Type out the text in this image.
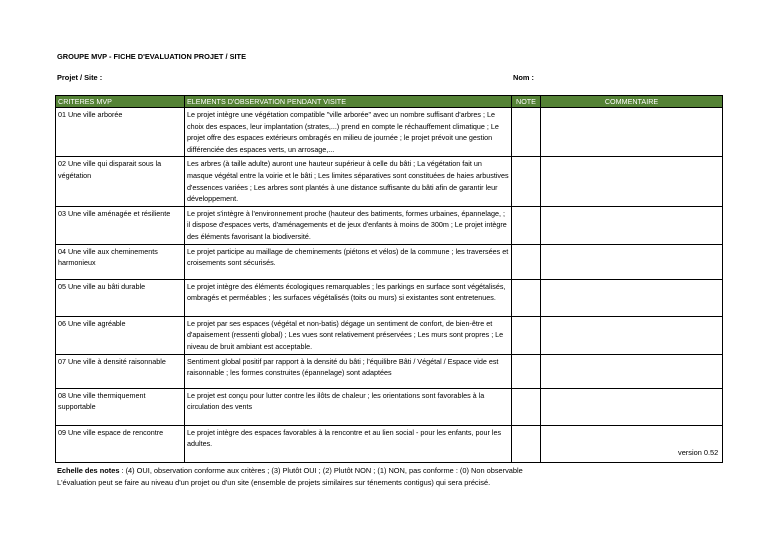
GROUPE MVP - FICHE D'EVALUATION PROJET / SITE
Projet / Site :	Nom :
CRITERES MVP	ELEMENTS D'OBSERVATION PENDANT VISITE	NOTE	COMMENTAIRE
01 Une ville arborée	Le projet intègre une végétation compatible "ville arborée" avec un nombre suffisant d'arbres ; Le choix des espaces, leur implantation (strates,...) prend en compte le réchauffement climatique ; Le projet offre des espaces extérieurs ombragés en milieu de journée ; le projet prévoit une gestion différenciée des espaces verts, un arrosage,...		
02 Une ville qui disparait sous la végétation	Les arbres (à taille adulte) auront une hauteur supérieur à celle du bâti ; La végétation fait un masque végétal entre la voirie et le bâti ; Les limites séparatives sont constituées de haies arbustives d'essences variées ; Les arbres sont plantés à une distance suffisante du bâti afin de garantir leur développement.		
03 Une ville aménagée et résiliente	Le projet s'intègre à l'environnement proche (hauteur des batiments, formes urbaines, épannelage, ; il dispose d'espaces verts, d'aménagements et de jeux d'enfants à moins de 300m ; Le projet intègre des éléments favorisant la biodiversité.		
04 Une ville aux cheminements harmonieux	Le projet participe au maillage de cheminements (piétons et vélos) de la commune ; les traversées et croisements sont sécurisés.		
05 Une ville au bâti durable	Le projet intègre des éléments écologiques remarquables ; les parkings en surface sont végétalisés, ombragés et perméables ; les surfaces végétalisés (toits ou murs) si existantes sont entretenues.		
06 Une ville agréable	Le projet par ses espaces (végétal et non-batis) dégage un sentiment de confort, de bien-être et d'apaisement (ressenti global) ; Les vues sont relativement préservées ; Les murs sont propres ; Le niveau de bruit ambiant est acceptable.		
07 Une ville à densité raisonnable	Sentiment global positif par rapport à la densité du bâti ; l'équilibre Bâti / Végétal / Espace vide est raisonnable ; les formes construites (épannelage) sont adaptées		
08 Une ville thermiquement supportable	Le projet est conçu pour lutter contre les ilôts de chaleur ; les orientations sont favorables à la circulation des vents		
09 Une ville espace de rencontre	Le projet intègre des espaces favorables à la rencontre et au lien social - pour les enfants, pour les adultes.		
version 0.52
Echelle des notes : (4) OUI, observation conforme aux critères ; (3) Plutôt OUI ; (2) Plutôt NON ; (1) NON, pas conforme : (0) Non observable
L'évaluation peut se faire au niveau d'un projet ou d'un site (ensemble de projets similaires sur ténements contigus) qui sera précisé.
